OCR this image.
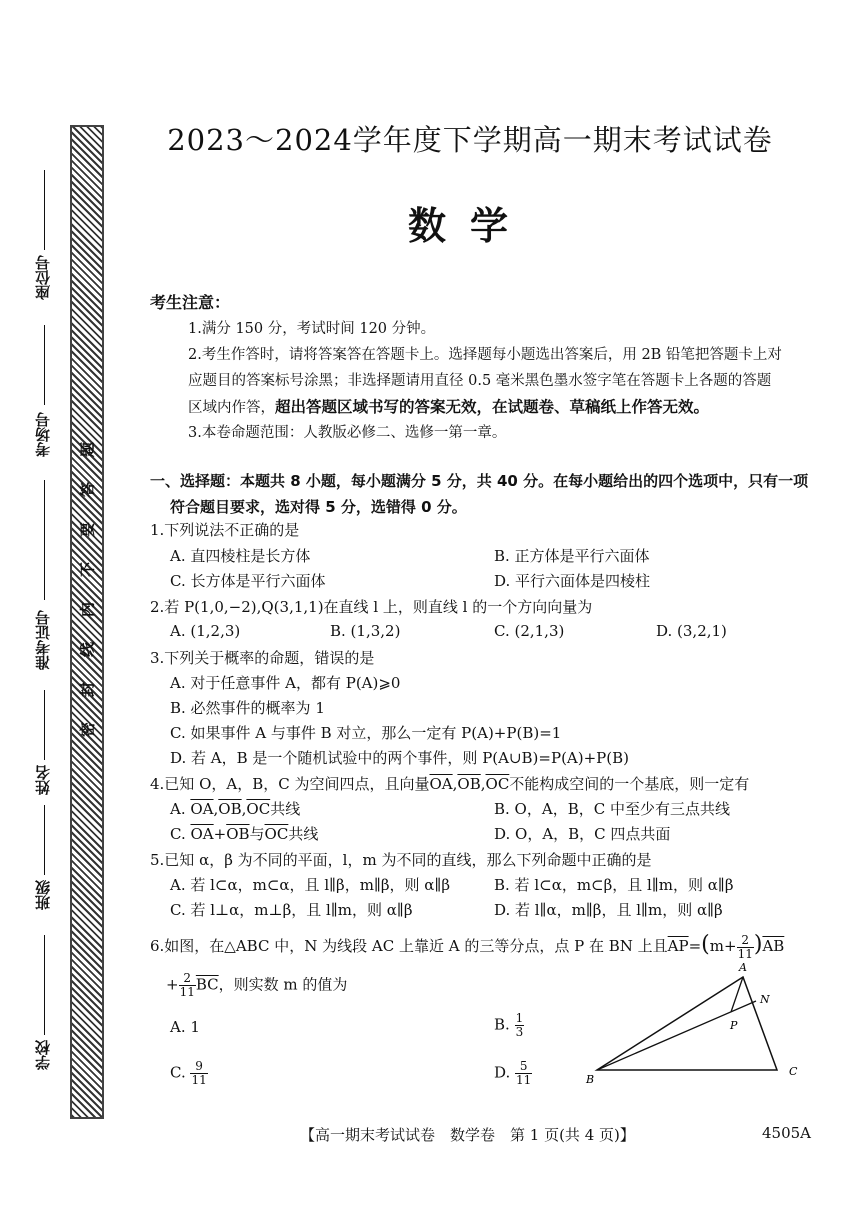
题
答
要
不
内
线
封
密
座位号
考场号
准考证号
姓名
班级
学校
2023～2024学年度下学期高一期末考试试卷
数学
考生注意：
1.满分 150 分，考试时间 120 分钟。
2.考生作答时，请将答案答在答题卡上。选择题每小题选出答案后，用 2B 铅笔把答题卡上对
应题目的答案标号涂黑；非选择题请用直径 0.5 毫米黑色墨水签字笔在答题卡上各题的答题
区域内作答，超出答题区域书写的答案无效，在试题卷、草稿纸上作答无效。
3.本卷命题范围：人教版必修二、选修一第一章。
一、选择题：本题共 8 小题，每小题满分 5 分，共 40 分。在每小题给出的四个选项中，只有一项
符合题目要求，选对得 5 分，选错得 0 分。
1.下列说法不正确的是
A. 直四棱柱是长方体	B. 正方体是平行六面体
C. 长方体是平行六面体	D. 平行六面体是四棱柱
2.若 P(1,0,−2),Q(3,1,1)在直线 l 上，则直线 l 的一个方向向量为
A. (1,2,3)	B. (1,3,2)	C. (2,1,3)	D. (3,2,1)
3.下列关于概率的命题，错误的是
A. 对于任意事件 A，都有 P(A)⩾0
B. 必然事件的概率为 1
C. 如果事件 A 与事件 B 对立，那么一定有 P(A)+P(B)=1
D. 若 A，B 是一个随机试验中的两个事件，则 P(A∪B)=P(A)+P(B)
4.已知 O，A，B，C 为空间四点，且向量$\overline{OA},\overline{OB},\overline{OC}$不能构成空间的一个基底，则一定有
A. $\overline{OA},\overline{OB},\overline{OC}$共线	B. O，A，B，C 中至少有三点共线
C. $\overline{OA}+\overline{OB}$与$\overline{OC}$共线	D. O，A，B，C 四点共面
5.已知 α，β 为不同的平面，l，m 为不同的直线，那么下列命题中正确的是
A. 若 l⊂α，m⊂α，且 l∥β，m∥β，则 α∥β	B. 若 l⊂α，m⊂β，且 l∥m，则 α∥β
C. 若 l⊥α，m⊥β，且 l∥m，则 α∥β	D. 若 l∥α，m∥β，且 l∥m，则 α∥β
6.如图，在△ABC 中，N 为线段 AC 上靠近 A 的三等分点，点 P 在 BN 上且$\overline{AP}=(m+ \frac{2}{11} )\overline{AB}$
+ $\frac{2}{11} \overline{BC}$，则实数 m 的值为
A. 1	B. $\frac{1}{3}$
C. $\frac{9}{11}$	D. $\frac{5}{11}$
A
B
C
N
P
【高一期末考试试卷　数学卷　第 1 页(共 4 页)】	4505A
